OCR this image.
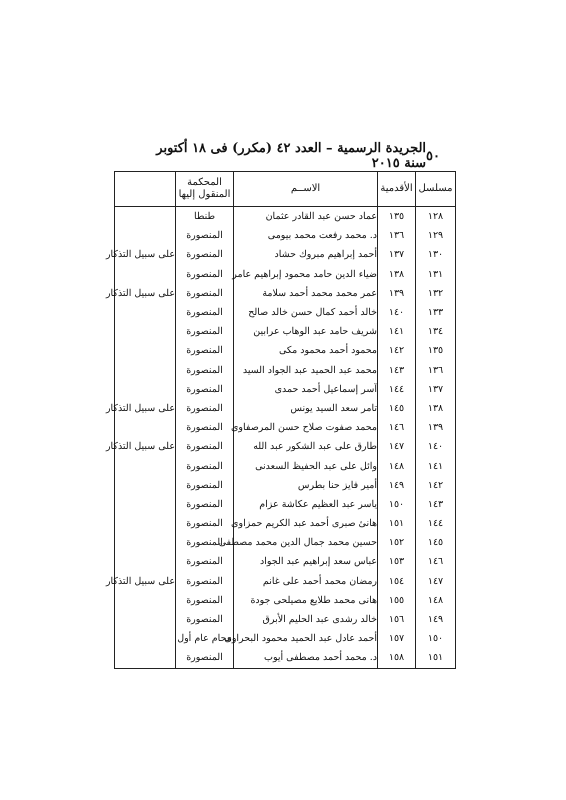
٥٠
الجريدة الرسمية – العدد ٤٢ (مكرر) فى ١٨ أكتوبر سنة ٢٠١٥
مسلسل	الأقدمية	الاســم	المحكمة المنقول إليها	
١٢٨	١٣٥	عماد حسن عبد القادر عثمان	طنطا	
١٢٩	١٣٦	د. محمد رفعت محمد بيومى	المنصورة	
١٣٠	١٣٧	أحمد إبراهيم مبروك حشاد	المنصورة	على سبيل التذكار
١٣١	١٣٨	ضياء الدين حامد محمود إبراهيم عامر	المنصورة	
١٣٢	١٣٩	عمر محمد محمد أحمد سلامة	المنصورة	على سبيل التذكار
١٣٣	١٤٠	خالد أحمد كمال حسن خالد صالح	المنصورة	
١٣٤	١٤١	شريف حامد عبد الوهاب عرابين	المنصورة	
١٣٥	١٤٢	محمود أحمد محمود مكى	المنصورة	
١٣٦	١٤٣	محمد عبد الحميد عبد الجواد السيد	المنصورة	
١٣٧	١٤٤	آسر إسماعيل أحمد حمدى	المنصورة	
١٣٨	١٤٥	تامر سعد السيد يونس	المنصورة	على سبيل التذكار
١٣٩	١٤٦	محمد صفوت صلاح حسن المرصفاوى	المنصورة	
١٤٠	١٤٧	طارق على عبد الشكور عبد الله	المنصورة	على سبيل التذكار
١٤١	١٤٨	وائل على عبد الحفيظ السعدنى	المنصورة	
١٤٢	١٤٩	أمير فايز حنا بطرس	المنصورة	
١٤٣	١٥٠	ياسر عبد العظيم عكاشة عزام	المنصورة	
١٤٤	١٥١	هانئ صبرى أحمد عبد الكريم حمزاوى	المنصورة	
١٤٥	١٥٢	حسين محمد جمال الدين محمد مصطفى	المنصورة	
١٤٦	١٥٣	عباس سعد إبراهيم عبد الجواد	المنصورة	
١٤٧	١٥٤	رمضان محمد أحمد على غانم	المنصورة	على سبيل التذكار
١٤٨	١٥٥	هانى محمد طلايع مصيلحى جودة	المنصورة	
١٤٩	١٥٦	خالد رشدى عبد الحليم الأبرق	المنصورة	
١٥٠	١٥٧	أحمد عادل عبد الحميد محمود البحراوى	محام عام أول	
١٥١	١٥٨	د. محمد أحمد مصطفى أيوب	المنصورة	
